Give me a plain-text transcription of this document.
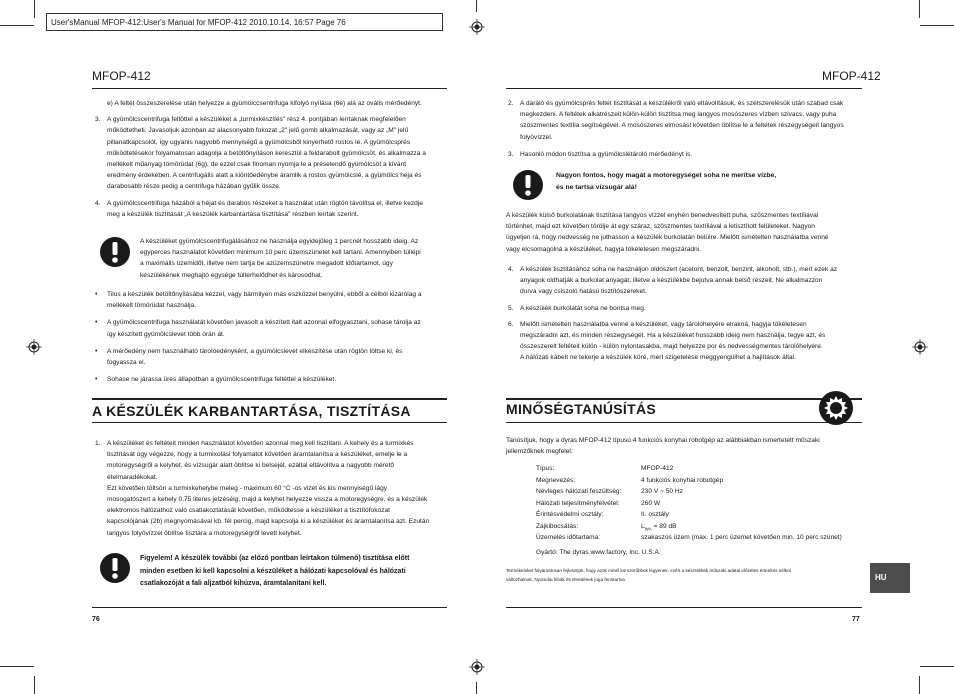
User'sManual MFOP-412:User's Manual for MFOP-412 2010.10.14. 16:57 Page 76
MFOP-412
e) A feltét összeszerelése után helyezze a gyümölccsentrifuga kifolyó nyílása (6e) alá az ovális mérőedényt.
3. A gyümölcscentrifuga feltöttel a készüléket a „turmixkészítés" rész 4. pontjában leírtaknak megfelelően
működtetheti. Javasoljuk azonban az alacsonyabb fokozat „2" jelű gomb alkalmazását, vagy az „M" jelű
pillanatkapcsolót, így ugyanis nagyobb mennyiségű a gyümölcsből kinyerhető rostos lé. A gyümölcsprés
működtetésekor folyamatosan adagolja a betöltőnyíláson keresztül a feldarabolt gyümölcsöt, és alkalmazza a
mellékelt műanyag tömörüdat (6g), de ezzel csak finoman nyomja le a préselendő gyümölcsöt a kívánt
eredmény érdekében. A centrifugális alatt a kiöntőedénybe áramlik a rostos gyümölcslé, a gyümölcs héja és
darabosabb része pedig a centrifuga házában gyűlik össze.
4. A gyümölcscentrifuga házából a héjat és darabos részeket a használat után rögtön távolítsa el, illetve kezdje
meg a készülék tisztítását „A készülék karbantartása tisztítása" részben leírtak szerint.
A készüléket gyümölcscentrifugálásához ne használja egyidejűleg 1 percnél hosszabb ideig. Az
egyperces használatot követően minimum 10 perc üzemszünetet kell tartani. Amennyiben túllépi
a maximális üzemidőt, illetve nem tartja be azüzemszünetre megadott időtartamot, úgy
készülékének meghajtó egysége túlterhelődhet és károsodhat.
• Tilos a készülék betöltőnyílásába kézzel, vagy bármilyen más eszközzel benyúlni, ebből a célból kizárólag a
mellékelt tömörüdat használja.
• A gyümölcscentrifuga használatát követően javasolt a készített italt azonnal elfogyasztani, sohase tárolja az
így készített gyümölcslevet több órán át.
• A mérőedény nem használható tárolóedényként, a gyümölcslevet elkészítése után rögtön töltse ki, és
fogyassza el.
• Sohase ne járassa üres állapotban a gyümölcscentrifuga feltéttel a készüléket.
A KÉSZÜLÉK KARBANTARTÁSA, TISZTÍTÁSA
1. A készüléket és feltéteit minden használatot követően azonnal meg kell tisztítani. A kehely és a turmixkés
tisztítását úgy végezze, hogy a turmixolási folyamatot követően áramtalanítsa a készüléket, emelje le a
motoregységről a kelyhet, és vízsugár alatt öblítse ki belsejét, ezáltal eltávolítva a nagyobb mérető
ételmaradékokat.
Ezt követően töltsön a turmixkehelybe meleg - maximum 60 °C -os vizet és kis mennyiségű lágy
mosogatószert a kehely 0,75 literes jelzéséig, majd a kelyhet helyezze vissza a motoregységre, és a készülék
elektromos hálózathoz való csatlakoztatását követően, működtesse a készüléket a tisztítófokozat
kapcsolójának (2b) megnyomásával kb. fél percig, majd kapcsolja ki a készüléket és áramtalanítsa azt. Ezután
langyos folyóvízzel öblítse tisztára a motoregységről levett kelyhet.
Figyelem! A készülék további (az előző pontban leírtakon túlmenő) tisztítása előtt
minden esetben ki kell kapcsolni a készüléket a hálózati kapcsolóval és hálózati
csatlakozóját a fali aljzatból kihúzva, áramtalanítani kell.
76
MFOP-412
2. A daráló és gyümölcsprés feltét tisztítását a készülékről való eltávolításuk, és szétszerelésük után szabad csak
megkezdeni. A feltétek alkatrészeit külön-külön tisztítsa meg langyos mosószeres vízben szivacs, vagy puha
szöszmentes textília segítségével. A mosószeres elmosást követően öblítse le a feltétek részegységeit langyos
folyóvízzel.
3. Hasonló módon tisztítsa a gyümölcslétároló mérőedényt is.
Nagyon fontos, hogy magát a motoregységet soha ne merítse vízbe,
és ne tartsa vízsugár alá!
A készülék külső burkolatának tisztítása langyos vízzel enyhén benedvesített puha, szöszmentes textíliával
történhet, majd ezt követően törölje át egy száraz, szöszmentes textíliával a letisztított felületeket. Nagyon
ügyeljen rá, hogy nedvesség ne juthasson a készülék burkolatán belülre. Mielőtt ismételten használatba venné
vagy elcsomagolná a készüléket, hagyja tökéletesen megszáradni.
4. A készülék tisztításához soha ne használjon oldószert (acetont, benzolt, benzint, alkoholt, stb.), mert ezek az
anyagok oldhatják a burkolat anyagát, illetve a készülékbe bejutva annak belső részeit. Ne alkalmazzon
durva vagy csiszoló hatású tisztítószereket.
5. A készülék burkolatát soha ne bontsa meg.
6. Mielőtt ismételten használatba venné a készüléket, vagy tárolóhelyére elrakná, hagyja tökéletesen
megszáradni azt, és minden részegységét. Ha a készüléket hosszabb ideig nem használja, tegye azt, és
összeszerelt feltéteit külön - külön nylontasakba, majd helyezze por és nedvességmentes tárolóhelyére.
A hálózati kábelt ne tekerje a készülék köré, mert szigetelése meggyengülhet a hajlítások által.
MINŐSÉGTANÚSÍTÁS
Tanúsítjuk, hogy a dyras MFOP-412 típusú 4 funkciós konyhai robotgép az alábbiakban ismertetett műszaki
jellemzőknek megfelel:
Típus:	MFOP-412
Megnevezés:	4 funkciós konyhai robotgép
Névleges hálózati feszültség:	230 V ~ 50 Hz
Hálózati teljesítményfelvétel:	260 W
Érintésvédelmi osztály:	II. osztály
Zajkibocsátás:	$L_{WA} = 89$ dB
Üzemelés időtartama:	szakaszos üzem (max. 1 perc üzemet követően min. 10 perc szünet)
Gyártó: The dyras www.factory, Inc. U.S.A.
Termékeinket folyamatosan fejlesztjük, hogy azok minél korszerűbbek legyenek, ezért a készülékek műszaki adatai előzetes értesítés nélkül
változhatnak. Nyomdai hibák és tévedések joga fenntartva.	HU
77
